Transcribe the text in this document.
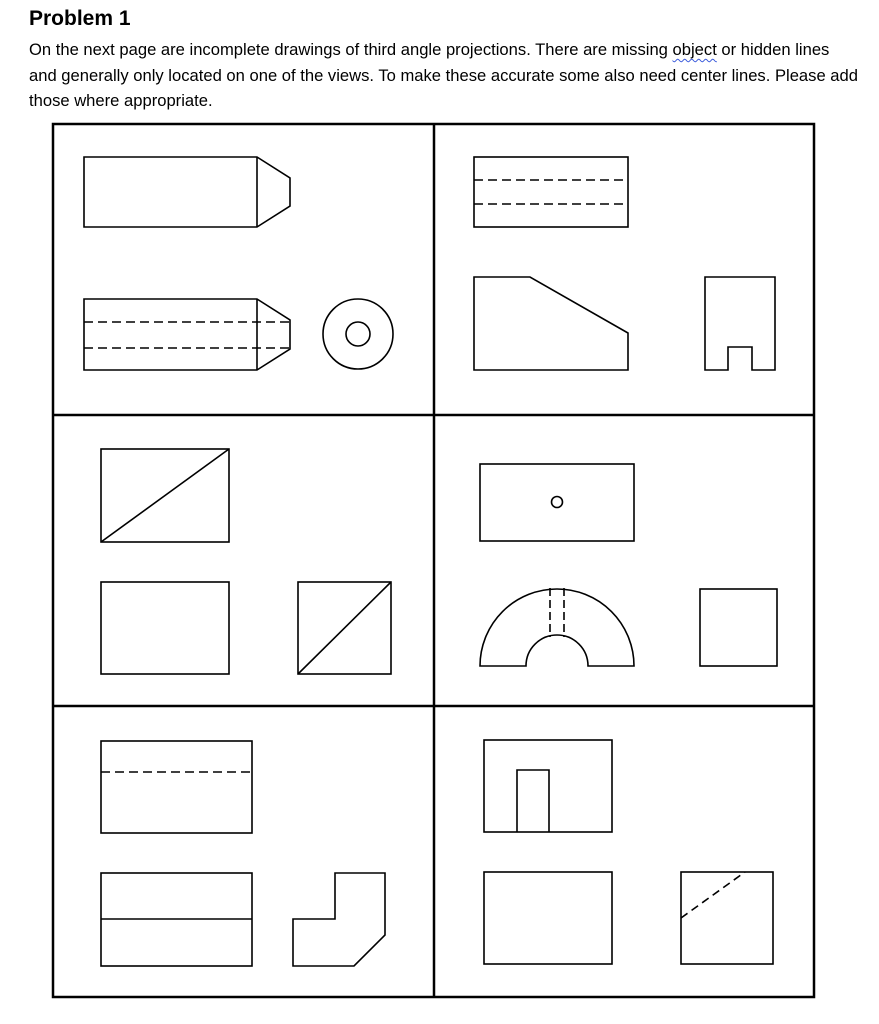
Problem 1

On the next page are incomplete drawings of third angle projections. There are missing object or hidden lines and generally only located on one of the views. To make these accurate some also need center lines. Please add those where appropriate.
